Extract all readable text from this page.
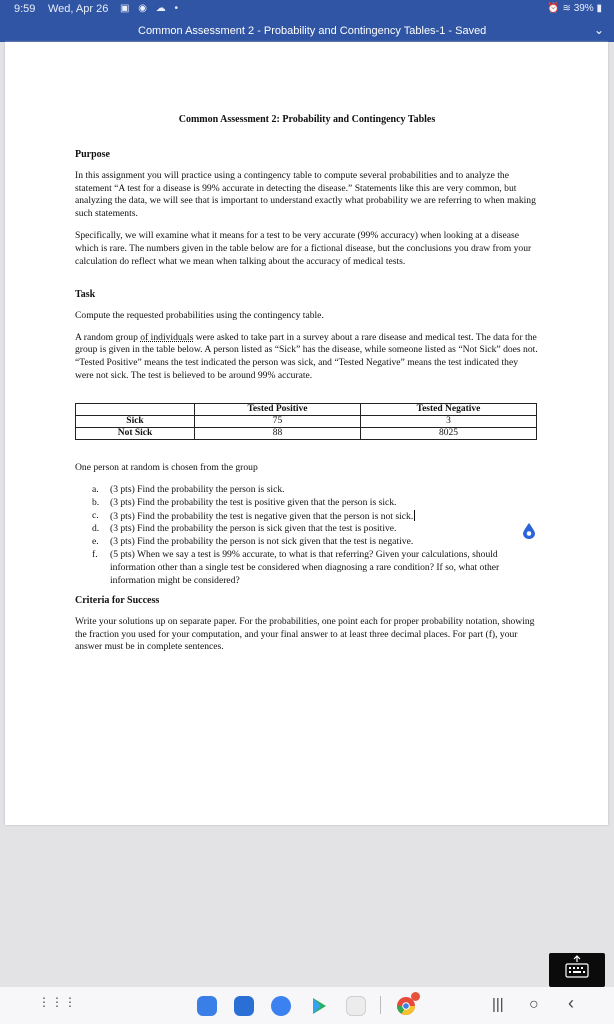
9:59 Wed, Apr 26 ▣ ◉ ☁ •	⏰ ≋ 39% ▮
Common Assessment 2 - Probability and Contingency Tables-1 - Saved	⌄
Common Assessment 2: Probability and Contingency Tables
Purpose

In this assignment you will practice using a contingency table to compute several probabilities and to analyze the statement “A test for a disease is 99% accurate in detecting the disease.” Statements like this are very common, but analyzing the data, we will see that is important to understand exactly what probability we are referring to when making such statements.

Specifically, we will examine what it means for a test to be very accurate (99% accuracy) when looking at a disease which is rare. The numbers given in the table below are for a fictional disease, but the conclusions you draw from your calculation do reflect what we mean when talking about the accuracy of medical tests.

Task

Compute the requested probabilities using the contingency table.

A random group of individuals were asked to take part in a survey about a rare disease and medical test. The data for the group is given in the table below. A person listed as “Sick” has the disease, while someone listed as “Not Sick” does not. “Tested Positive” means the test indicated the person was sick, and “Tested Negative” means the test indicated they were not sick. The test is believed to be around 99% accurate.

	Tested Positive	Tested Negative
Sick	75	3
Not Sick	88	8025

One person at random is chosen from the group

a. (3 pts) Find the probability the person is sick.
b. (3 pts) Find the probability the test is positive given that the person is sick.
c. (3 pts) Find the probability the test is negative given that the person is not sick.
d. (3 pts) Find the probability the person is sick given that the test is positive.
e. (3 pts) Find the probability the person is not sick given that the test is negative.
f. (5 pts) When we say a test is 99% accurate, to what is that referring? Given your calculations, should information other than a single test be considered when diagnosing a rare condition? If so, what other information might be considered?
Criteria for Success

Write your solutions up on separate paper. For the probabilities, one point each for proper probability notation, showing the fraction you used for your computation, and your final answer to at least three decimal places. For part (f), your answer must be in complete sentences.

⋮⋮⋮	||| ○ ‹
